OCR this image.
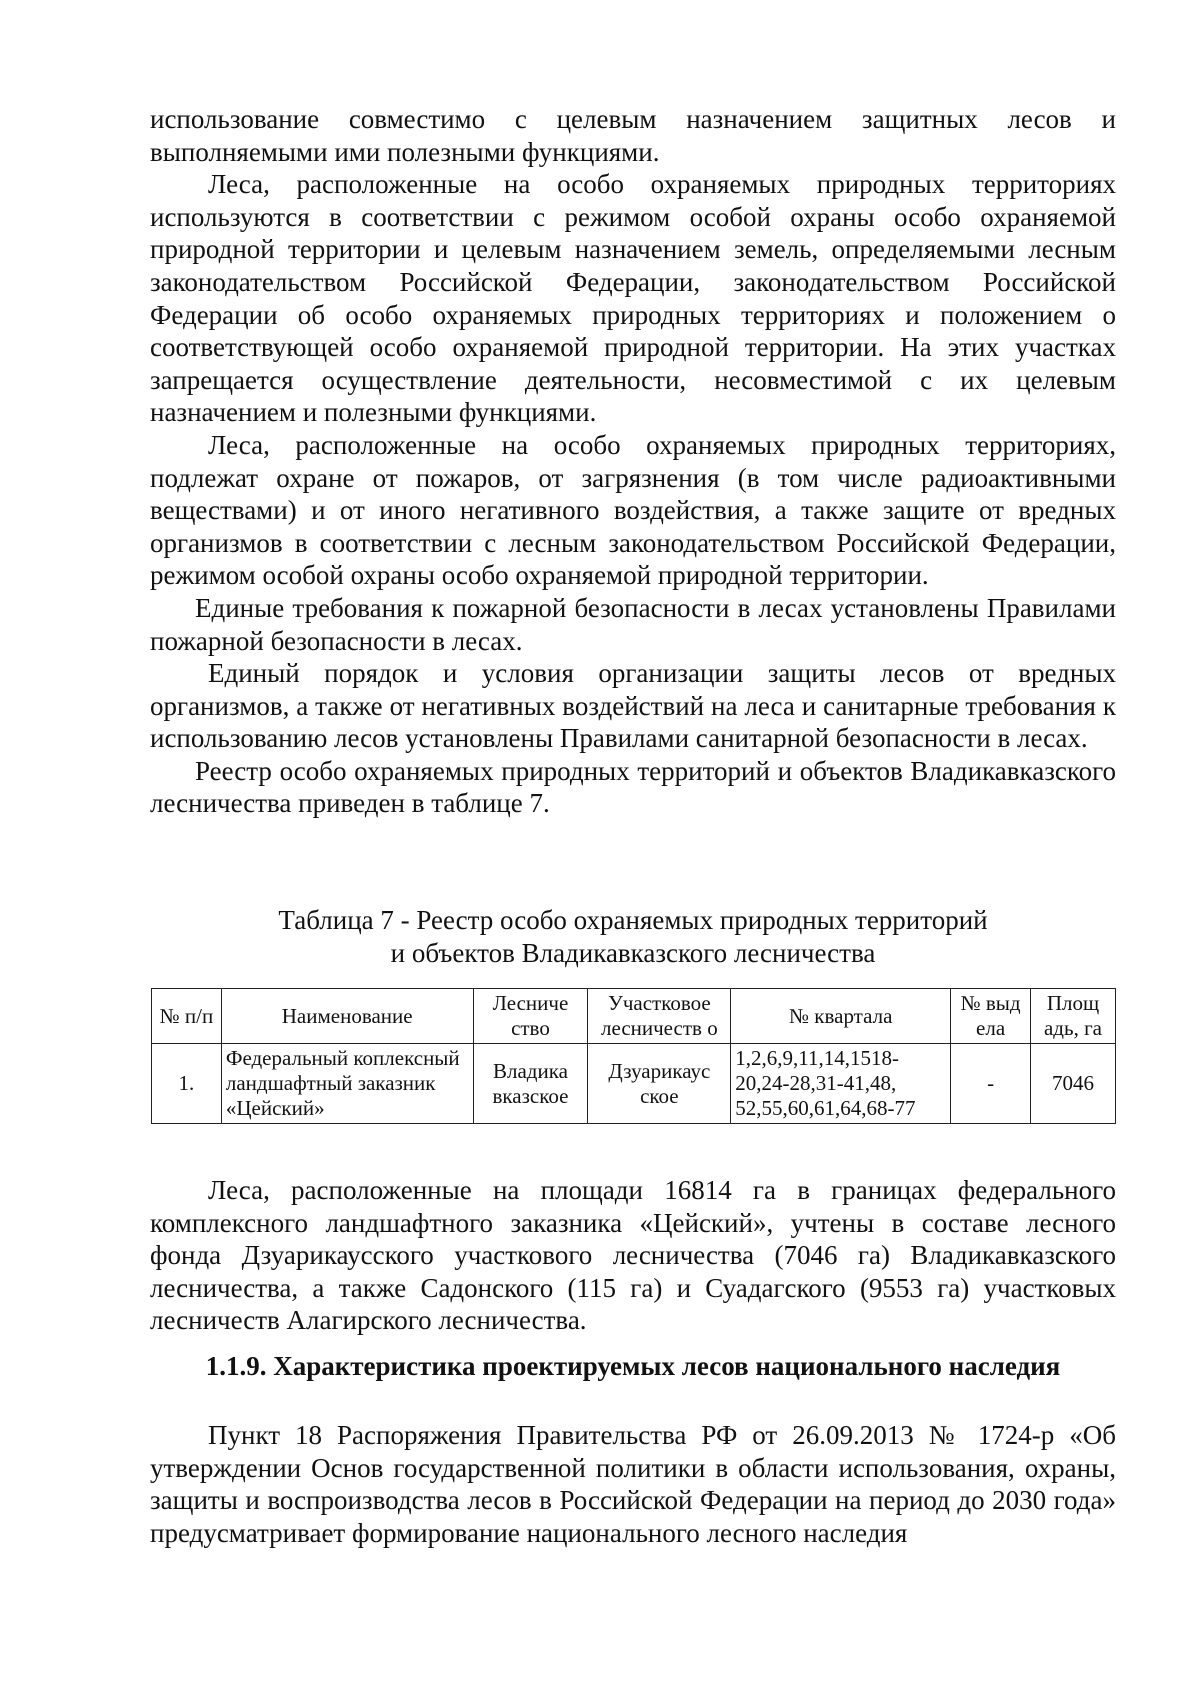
использование совместимо с целевым назначением защитных лесов и выполняемыми ими полезными функциями.

Леса, расположенные на особо охраняемых природных территориях используются в соответствии с режимом особой охраны особо охраняемой природной территории и целевым назначением земель, определяемыми лесным законодательством Российской Федерации, законодательством Российской Федерации об особо охраняемых природных территориях и положением о соответствующей особо охраняемой природной территории. На этих участках запрещается осуществление деятельности, несовместимой с их целевым назначением и полезными функциями.

Леса, расположенные на особо охраняемых природных территориях, подлежат охране от пожаров, от загрязнения (в том числе радиоактивными веществами) и от иного негативного воздействия, а также защите от вредных организмов в соответствии с лесным законодательством Российской Федерации, режимом особой охраны особо охраняемой природной территории.

Единые требования к пожарной безопасности в лесах установлены Правилами пожарной безопасности в лесах.

Единый порядок и условия организации защиты лесов от вредных организмов, а также от негативных воздействий на леса и санитарные требования к использованию лесов установлены Правилами санитарной безопасности в лесах.

Реестр особо охраняемых природных территорий и объектов Владикавказского лесничества приведен в таблице 7.

Таблица 7 - Реестр особо охраняемых природных территорий
и объектов Владикавказского лесничества
№ п/п	Наименование	Лесниче ство	Участковое лесничеств о	№ квартала	№ выд ела	Площ адь, га
1.	Федеральный коплексный ландшафтный заказник «Цейский»	Владика вказское	Дзуарикаус ское	1,2,6,9,11,14,1518-20,24-28,31-41,48, 52,55,60,61,64,68-77	-	7046

Леса, расположенные на площади 16814 га в границах федерального комплексного ландшафтного заказника «Цейский», учтены в составе лесного фонда Дзуарикаусского участкового лесничества (7046 га) Владикавказского лесничества, а также Садонского (115 га) и Суадагского (9553 га) участковых лесничеств Алагирского лесничества.

1.1.9. Характеристика проектируемых лесов национального наследия

Пункт 18 Распоряжения Правительства РФ от 26.09.2013 № 1724-р «Об утверждении Основ государственной политики в области использования, охраны, защиты и воспроизводства лесов в Российской Федерации на период до 2030 года» предусматривает формирование национального лесного наследия
